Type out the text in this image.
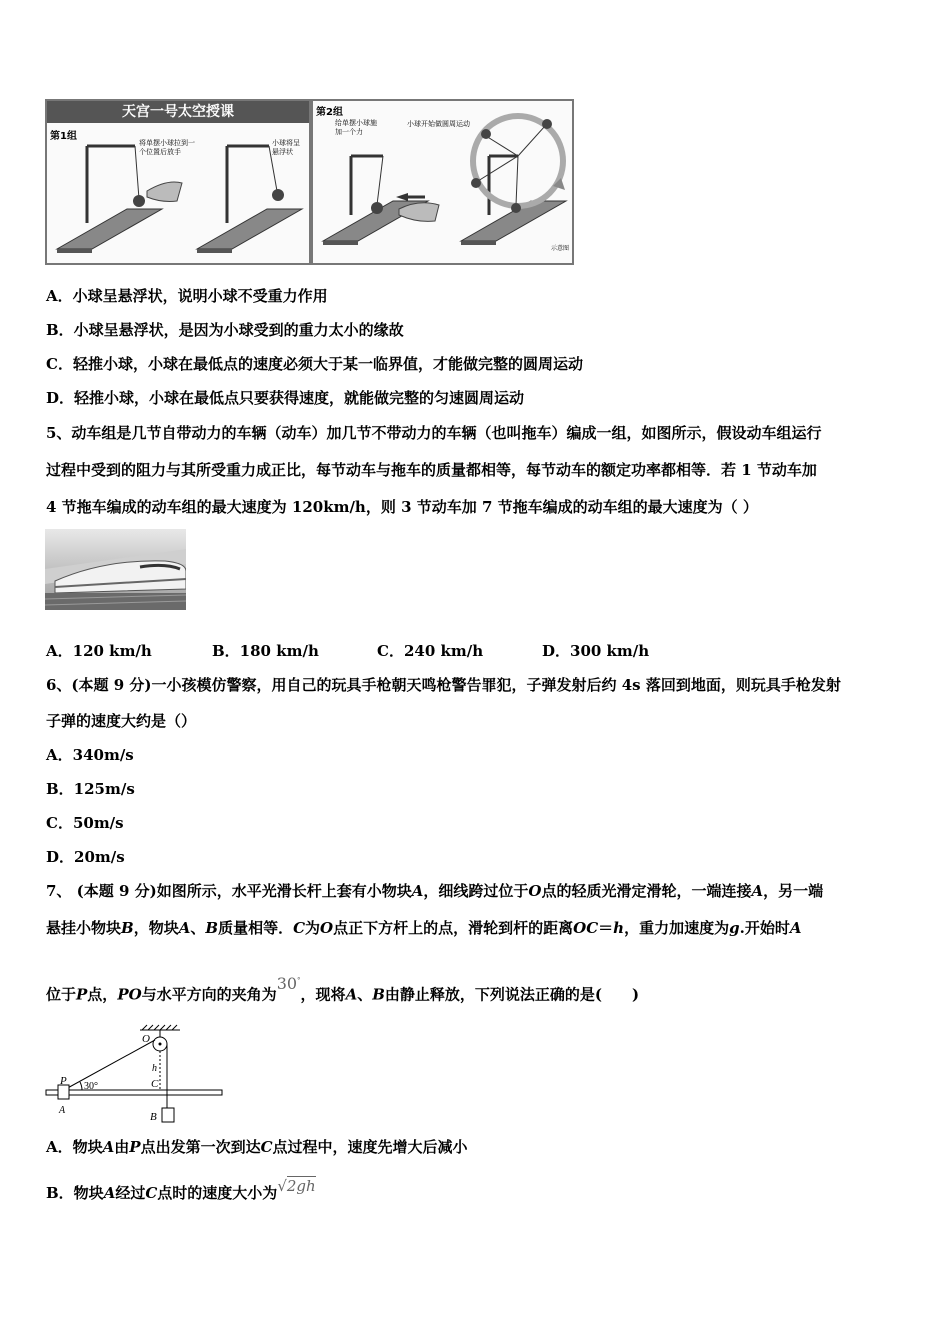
天宫一号太空授课
第1组
将单摆小球拉到一个位置后放手
小球将呈悬浮状
第2组
给单摆小球施加一个力
小球开始做圆周运动
示意图
A．小球呈悬浮状，说明小球不受重力作用
B．小球呈悬浮状，是因为小球受到的重力太小的缘故
C．轻推小球，小球在最低点的速度必须大于某一临界值，才能做完整的圆周运动
D．轻推小球，小球在最低点只要获得速度，就能做完整的匀速圆周运动
5、动车组是几节自带动力的车辆（动车）加几节不带动力的车辆（也叫拖车）编成一组，如图所示，假设动车组运行
过程中受到的阻力与其所受重力成正比，每节动车与拖车的质量都相等，每节动车的额定功率都相等．若 1 节动车加
4 节拖车编成的动车组的最大速度为 120km/h，则 3 节动车加 7 节拖车编成的动车组的最大速度为（ ）
A．120 km/h	B．180 km/h	C．240 km/h	D．300 km/h
6、(本题 9 分)一小孩模仿警察，用自己的玩具手枪朝天鸣枪警告罪犯，子弹发射后约 4s 落回到地面，则玩具手枪发射
子弹的速度大约是（）
A．340m/s
B．125m/s
C．50m/s
D．20m/s
7、 (本题 9 分)如图所示，水平光滑长杆上套有小物块A，细线跨过位于O点的轻质光滑定滑轮，一端连接A，另一端
悬挂小物块B，物块A、B质量相等．C为O点正下方杆上的点，滑轮到杆的距离OC＝h，重力加速度为g.开始时A
位于P点，PO与水平方向的夹角为30°，现将A、B由静止释放，下列说法正确的是(　　)
O
P 30°
A
h
C
B
A．物块A由P点出发第一次到达C点过程中，速度先增大后减小
B．物块A经过C点时的速度大小为√2gh
